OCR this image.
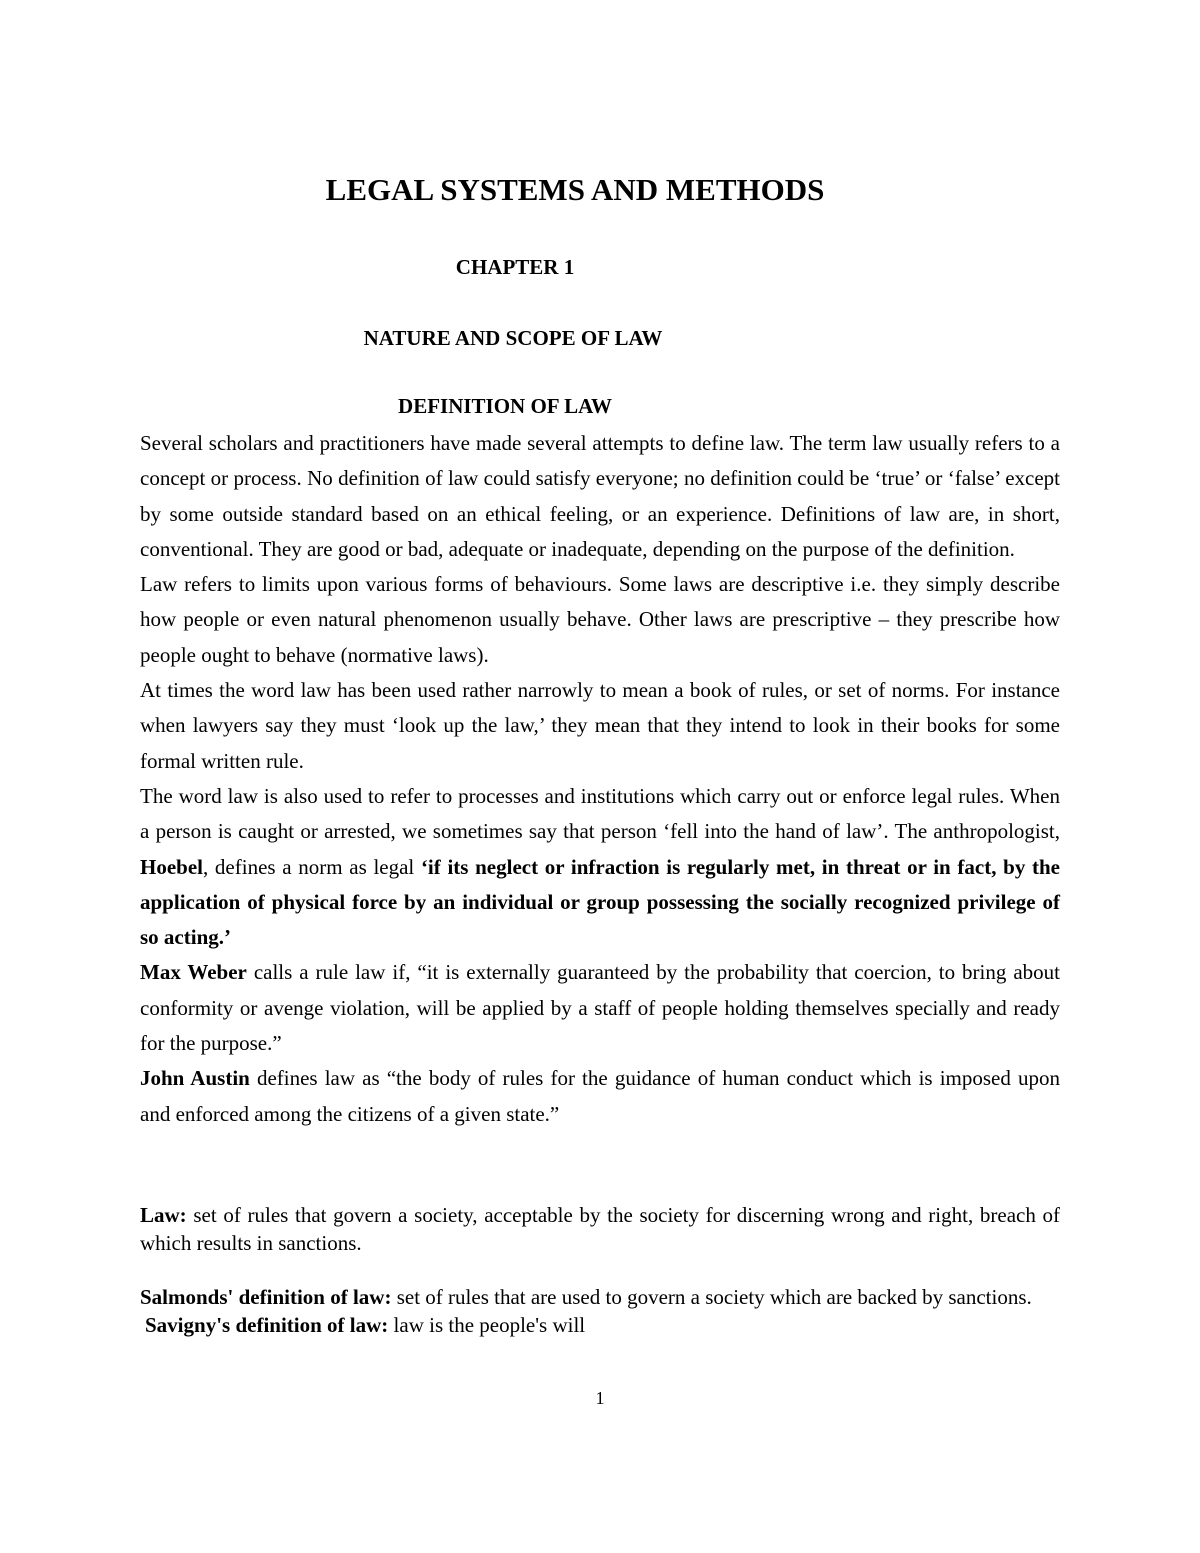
LEGAL SYSTEMS AND METHODS
CHAPTER 1
NATURE AND SCOPE OF LAW
DEFINITION OF LAW

Several scholars and practitioners have made several attempts to define law. The term law usually refers to a concept or process. No definition of law could satisfy everyone; no definition could be ‘true’ or ‘false’ except by some outside standard based on an ethical feeling, or an experience. Definitions of law are, in short, conventional. They are good or bad, adequate or inadequate, depending on the purpose of the definition.

Law refers to limits upon various forms of behaviours. Some laws are descriptive i.e. they simply describe how people or even natural phenomenon usually behave. Other laws are prescriptive – they prescribe how people ought to behave (normative laws).

At times the word law has been used rather narrowly to mean a book of rules, or set of norms. For instance when lawyers say they must ‘look up the law,’ they mean that they intend to look in their books for some formal written rule.

The word law is also used to refer to processes and institutions which carry out or enforce legal rules. When a person is caught or arrested, we sometimes say that person ‘fell into the hand of law’. The anthropologist, Hoebel, defines a norm as legal ‘if its neglect or infraction is regularly met, in threat or in fact, by the application of physical force by an individual or group possessing the socially recognized privilege of so acting.’

Max Weber calls a rule law if, “it is externally guaranteed by the probability that coercion, to bring about conformity or avenge violation, will be applied by a staff of people holding themselves specially and ready for the purpose.”

John Austin defines law as “the body of rules for the guidance of human conduct which is imposed upon and enforced among the citizens of a given state.”

Law: set of rules that govern a society, acceptable by the society for discerning wrong and right, breach of which results in sanctions.

Salmonds' definition of law: set of rules that are used to govern a society which are backed by sanctions.

Savigny's definition of law: law is the people's will

1
